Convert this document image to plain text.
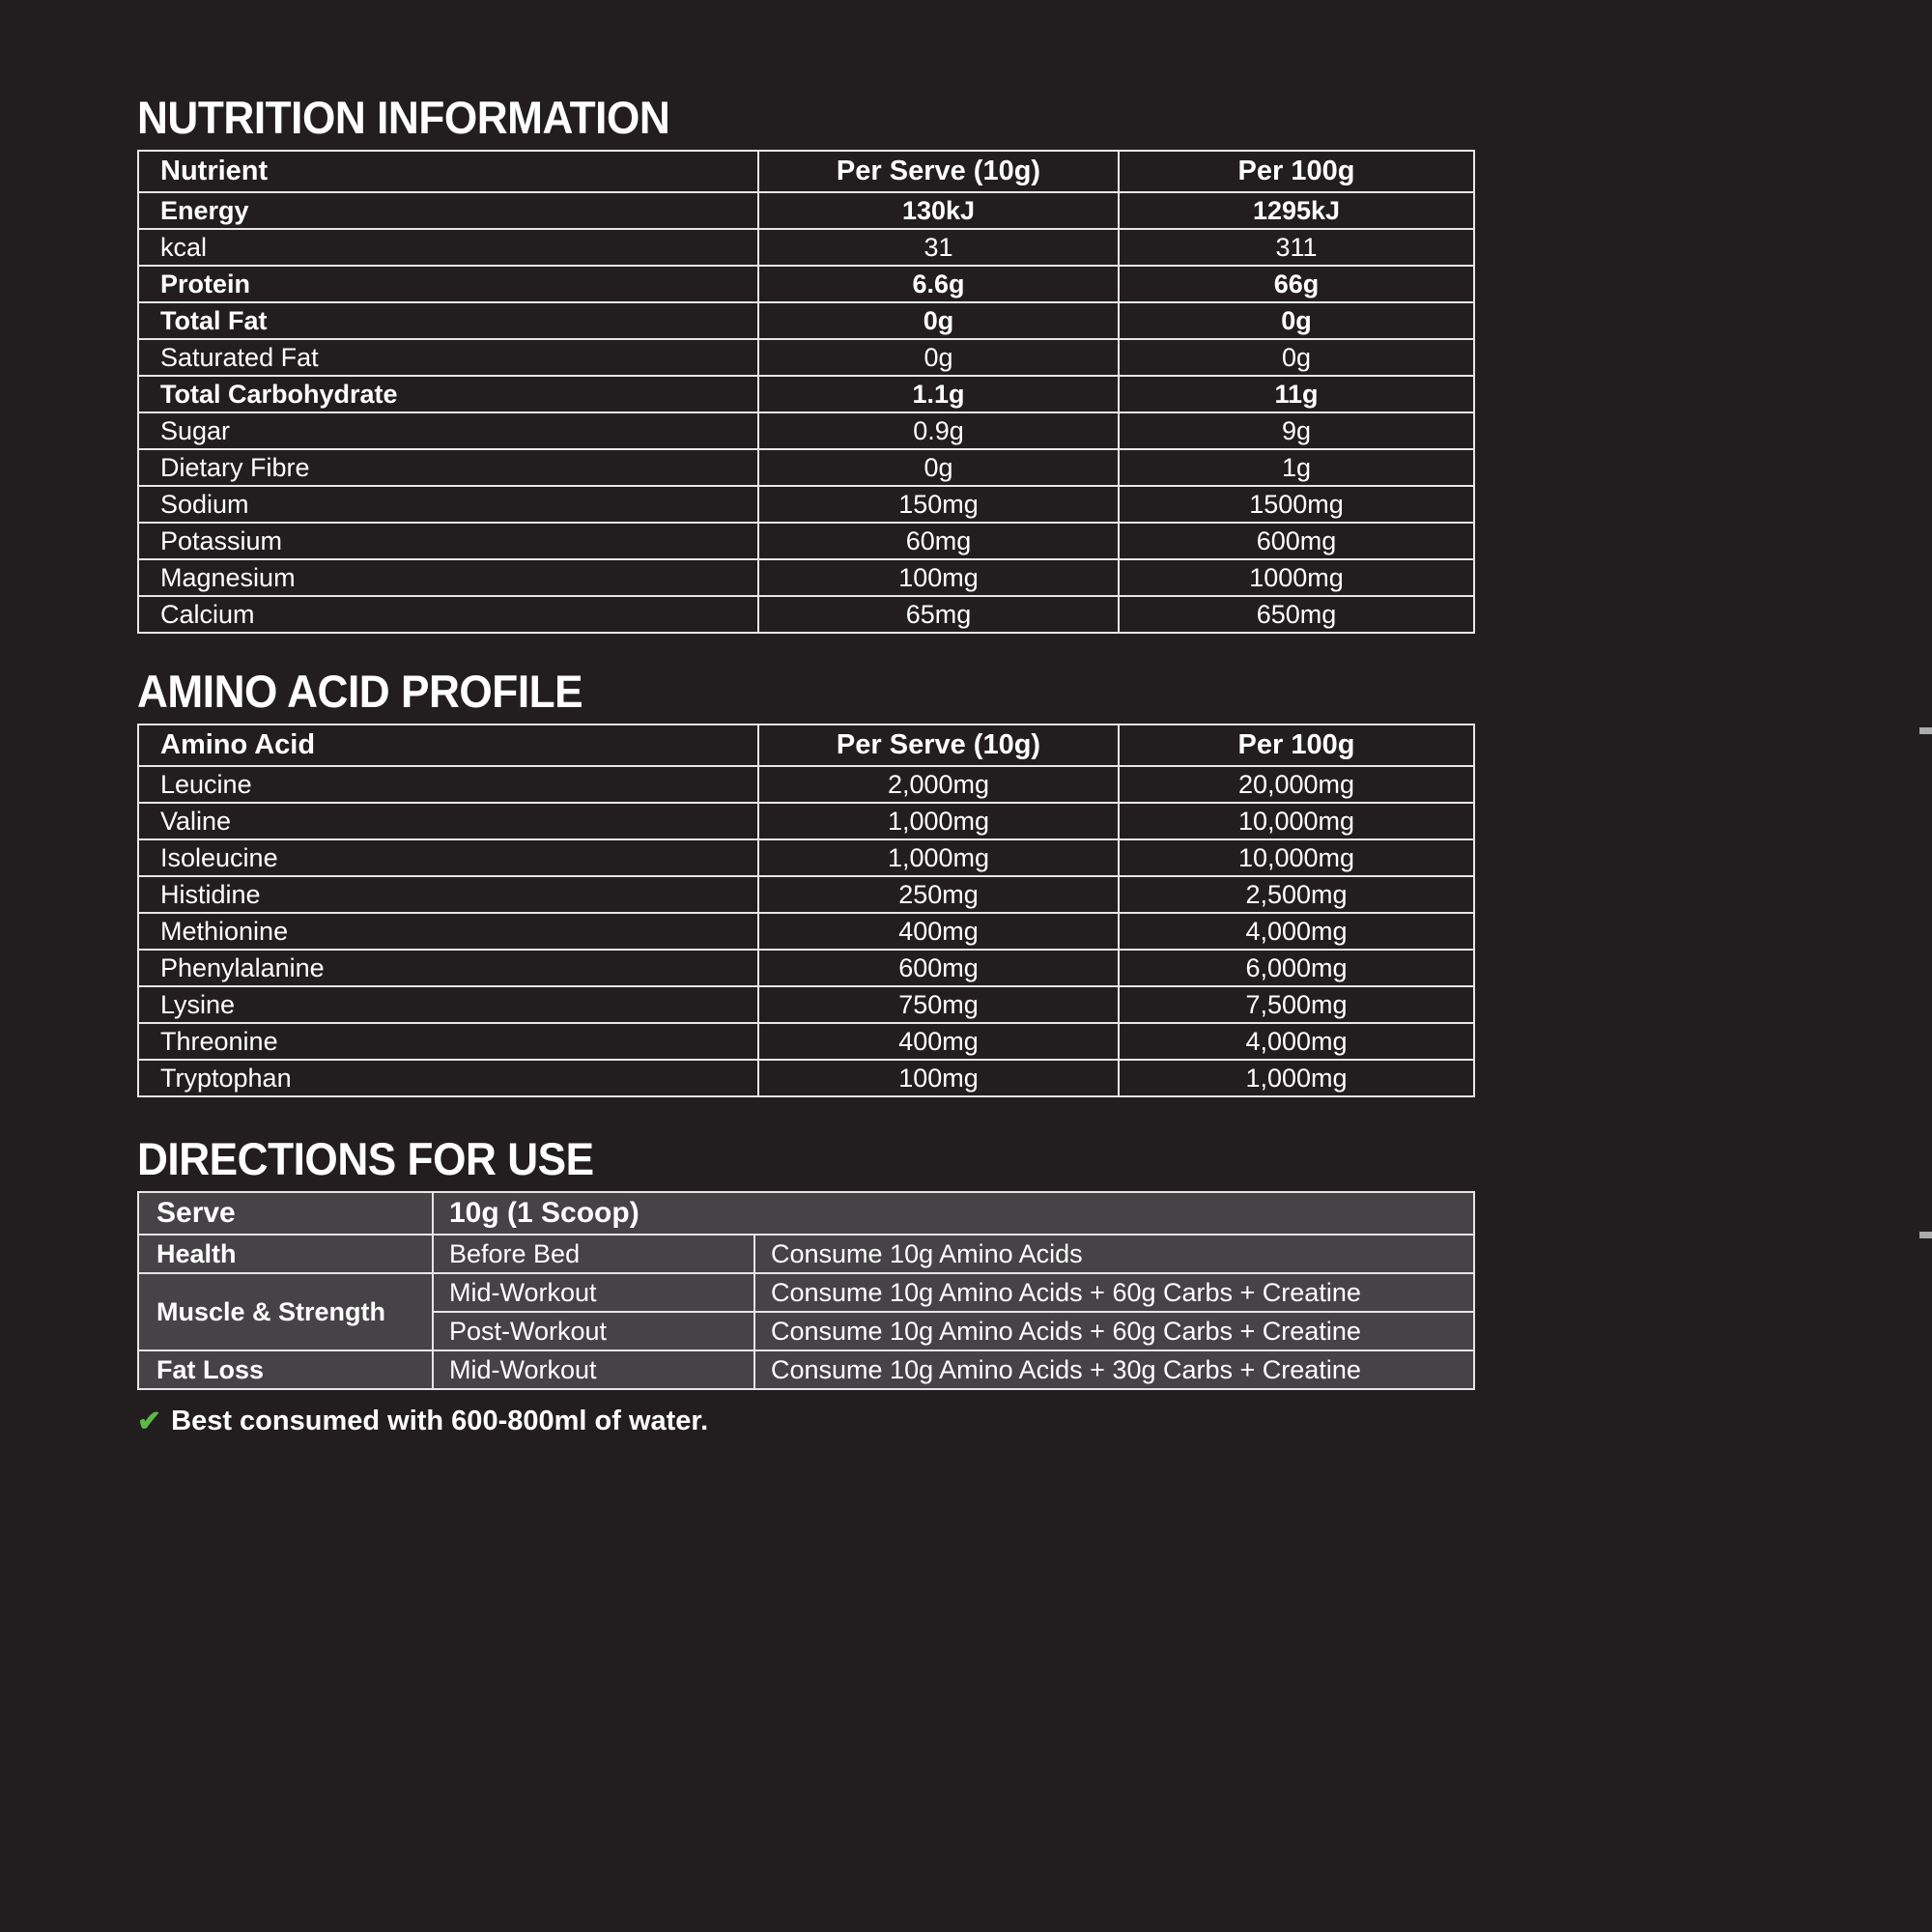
NUTRITION INFORMATION
Nutrient	Per Serve (10g)	Per 100g
Energy	130kJ	1295kJ
kcal	31	311
Protein	6.6g	66g
Total Fat	0g	0g
Saturated Fat	0g	0g
Total Carbohydrate	1.1g	11g
Sugar	0.9g	9g
Dietary Fibre	0g	1g
Sodium	150mg	1500mg
Potassium	60mg	600mg
Magnesium	100mg	1000mg
Calcium	65mg	650mg
AMINO ACID PROFILE
Amino Acid	Per Serve (10g)	Per 100g
Leucine	2,000mg	20,000mg
Valine	1,000mg	10,000mg
Isoleucine	1,000mg	10,000mg
Histidine	250mg	2,500mg
Methionine	400mg	4,000mg
Phenylalanine	600mg	6,000mg
Lysine	750mg	7,500mg
Threonine	400mg	4,000mg
Tryptophan	100mg	1,000mg
DIRECTIONS FOR USE
Serve	10g (1 Scoop)	
Health	Before Bed	Consume 10g Amino Acids
Muscle & Strength	Mid-Workout	Consume 10g Amino Acids + 60g Carbs + Creatine
	Post-Workout	Consume 10g Amino Acids + 60g Carbs + Creatine
Fat Loss	Mid-Workout	Consume 10g Amino Acids + 30g Carbs + Creatine
✔ Best consumed with 600-800ml of water.
